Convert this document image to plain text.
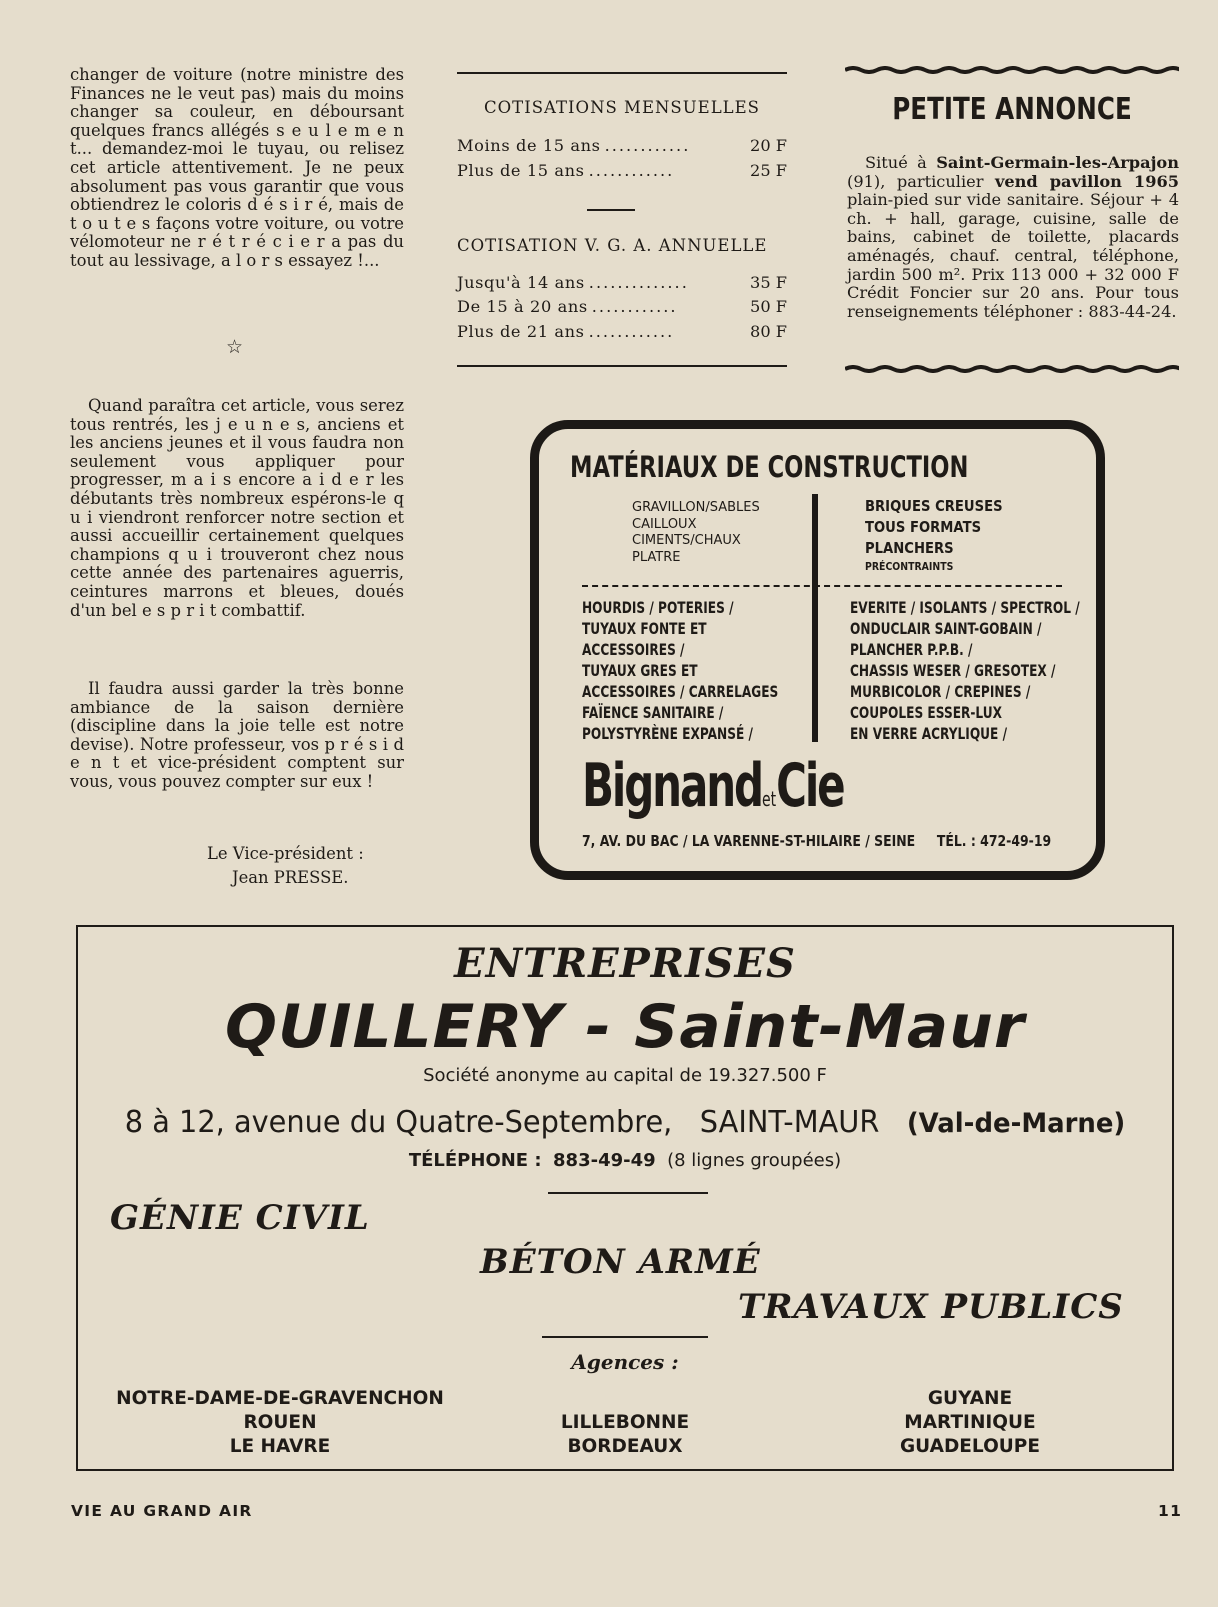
changer de voiture (notre ministre des Finances ne le veut pas) mais du moins changer sa couleur, en déboursant quelques francs allégés s e u l e m e n t... demandez-moi le tuyau, ou relisez cet article attentivement. Je ne peux absolument pas vous garantir que vous obtiendrez le coloris d é s i r é, mais de t o u t e s façons votre voiture, ou votre vélomoteur ne r é t r é c i e r a pas du tout au lessivage, a l o r s essayez !...

☆

Quand paraîtra cet article, vous serez tous rentrés, les j e u n e s, anciens et les anciens jeunes et il vous faudra non seulement vous appliquer pour progresser, m a i s encore a i d e r les débutants très nombreux espérons-le q u i viendront renforcer notre section et aussi accueillir certainement quelques champions q u i trouveront chez nous cette année des partenaires aguerris, ceintures marrons et bleues, doués d'un bel e s p r i t combattif.

Il faudra aussi garder la très bonne ambiance de la saison dernière (discipline dans la joie telle est notre devise). Notre professeur, vos p r é s i d e n t et vice-président comptent sur vous, vous pouvez compter sur eux !

Le Vice-président :
Jean PRESSE.
COTISATIONS MENSUELLES
Moins de 15 ans ............	20 F
Plus de 15 ans ............	25 F
COTISATION V. G. A. ANNUELLE
Jusqu'à 14 ans ..............	35 F
De 15 à 20 ans ............	50 F
Plus de 21 ans ............	80 F
PETITE ANNONCE
Situé à Saint-Germain-les-Arpajon (91), particulier vend pavillon 1965 plain-pied sur vide sanitaire. Séjour + 4 ch. + hall, garage, cuisine, salle de bains, cabinet de toilette, placards aménagés, chauf. central, téléphone, jardin 500 m². Prix 113 000 + 32 000 F Crédit Foncier sur 20 ans. Pour tous renseignements téléphoner : 883-44-24.
MATÉRIAUX DE CONSTRUCTION
GRAVILLON/SABLES
CAILLOUX
CIMENTS/CHAUX
PLATRE
BRIQUES CREUSES
TOUS FORMATS
PLANCHERS
PRÉCONTRAINTS
HOURDIS / POTERIES /
TUYAUX FONTE ET
ACCESSOIRES /
TUYAUX GRES ET
ACCESSOIRES / CARRELAGES
FAÏENCE SANITAIRE /
POLYSTYRÈNE EXPANSÉ /
EVERITE / ISOLANTS / SPECTROL /
ONDUCLAIR SAINT-GOBAIN /
PLANCHER P.P.B. /
CHASSIS WESER / GRESOTEX /
MURBICOLOR / CREPINES /
COUPOLES ESSER-LUX
EN VERRE ACRYLIQUE /
BignandetCie
7, AV. DU BAC / LA VARENNE-ST-HILAIRE / SEINE TÉL. : 472-49-19
ENTREPRISES
QUILLERY - Saint-Maur
Société anonyme au capital de 19.327.500 F
8 à 12, avenue du Quatre-Septembre, SAINT-MAUR (Val-de-Marne)
TÉLÉPHONE : 883-49-49 (8 lignes groupées)
GÉNIE CIVIL
BÉTON ARMÉ
TRAVAUX PUBLICS
Agences :
NOTRE-DAME-DE-GRAVENCHON
ROUEN
LE HAVRE
LILLEBONNE
BORDEAUX
GUYANE
MARTINIQUE
GUADELOUPE
VIE AU GRAND AIR	11
